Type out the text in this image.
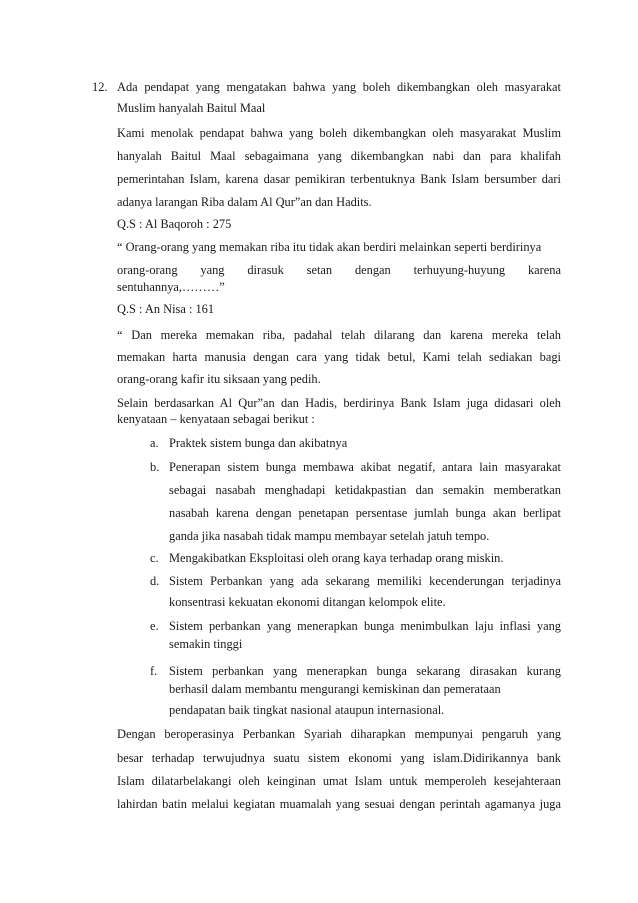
12. Ada pendapat yang mengatakan bahwa yang boleh dikembangkan oleh masyarakat
Muslim hanyalah Baitul Maal
Kami menolak pendapat bahwa yang boleh dikembangkan oleh masyarakat Muslim
hanyalah Baitul Maal sebagaimana yang dikembangkan nabi dan para khalifah
pemerintahan Islam, karena dasar pemikiran terbentuknya Bank Islam bersumber dari
adanya larangan Riba dalam Al Qur”an dan Hadits.
Q.S : Al Baqoroh : 275
“ Orang-orang yang memakan riba itu tidak akan berdiri melainkan seperti berdirinya
orang-orang yang dirasuk setan dengan terhuyung-huyung karena
sentuhannya,………”
Q.S : An Nisa : 161
“ Dan mereka memakan riba, padahal telah dilarang dan karena mereka telah
memakan harta manusia dengan cara yang tidak betul, Kami telah sediakan bagi
orang-orang kafir itu siksaan yang pedih.
Selain berdasarkan Al Qur”an dan Hadis, berdirinya Bank Islam juga didasari oleh
kenyataan – kenyataan sebagai berikut :
a. Praktek sistem bunga dan akibatnya
b. Penerapan sistem bunga membawa akibat negatif, antara lain masyarakat
sebagai nasabah menghadapi ketidakpastian dan semakin memberatkan
nasabah karena dengan penetapan persentase jumlah bunga akan berlipat
ganda jika nasabah tidak mampu membayar setelah jatuh tempo.
c. Mengakibatkan Eksploitasi oleh orang kaya terhadap orang miskin.
d. Sistem Perbankan yang ada sekarang memiliki kecenderungan terjadinya
konsentrasi kekuatan ekonomi ditangan kelompok elite.
e. Sistem perbankan yang menerapkan bunga menimbulkan laju inflasi yang
semakin tinggi
f. Sistem perbankan yang menerapkan bunga sekarang dirasakan kurang
berhasil dalam membantu mengurangi kemiskinan dan pemerataan
pendapatan baik tingkat nasional ataupun internasional.
Dengan beroperasinya Perbankan Syariah diharapkan mempunyai pengaruh yang
besar terhadap terwujudnya suatu sistem ekonomi yang islam.Didirikannya bank
Islam dilatarbelakangi oleh keinginan umat Islam untuk memperoleh kesejahteraan
lahirdan batin melalui kegiatan muamalah yang sesuai dengan perintah agamanya juga
